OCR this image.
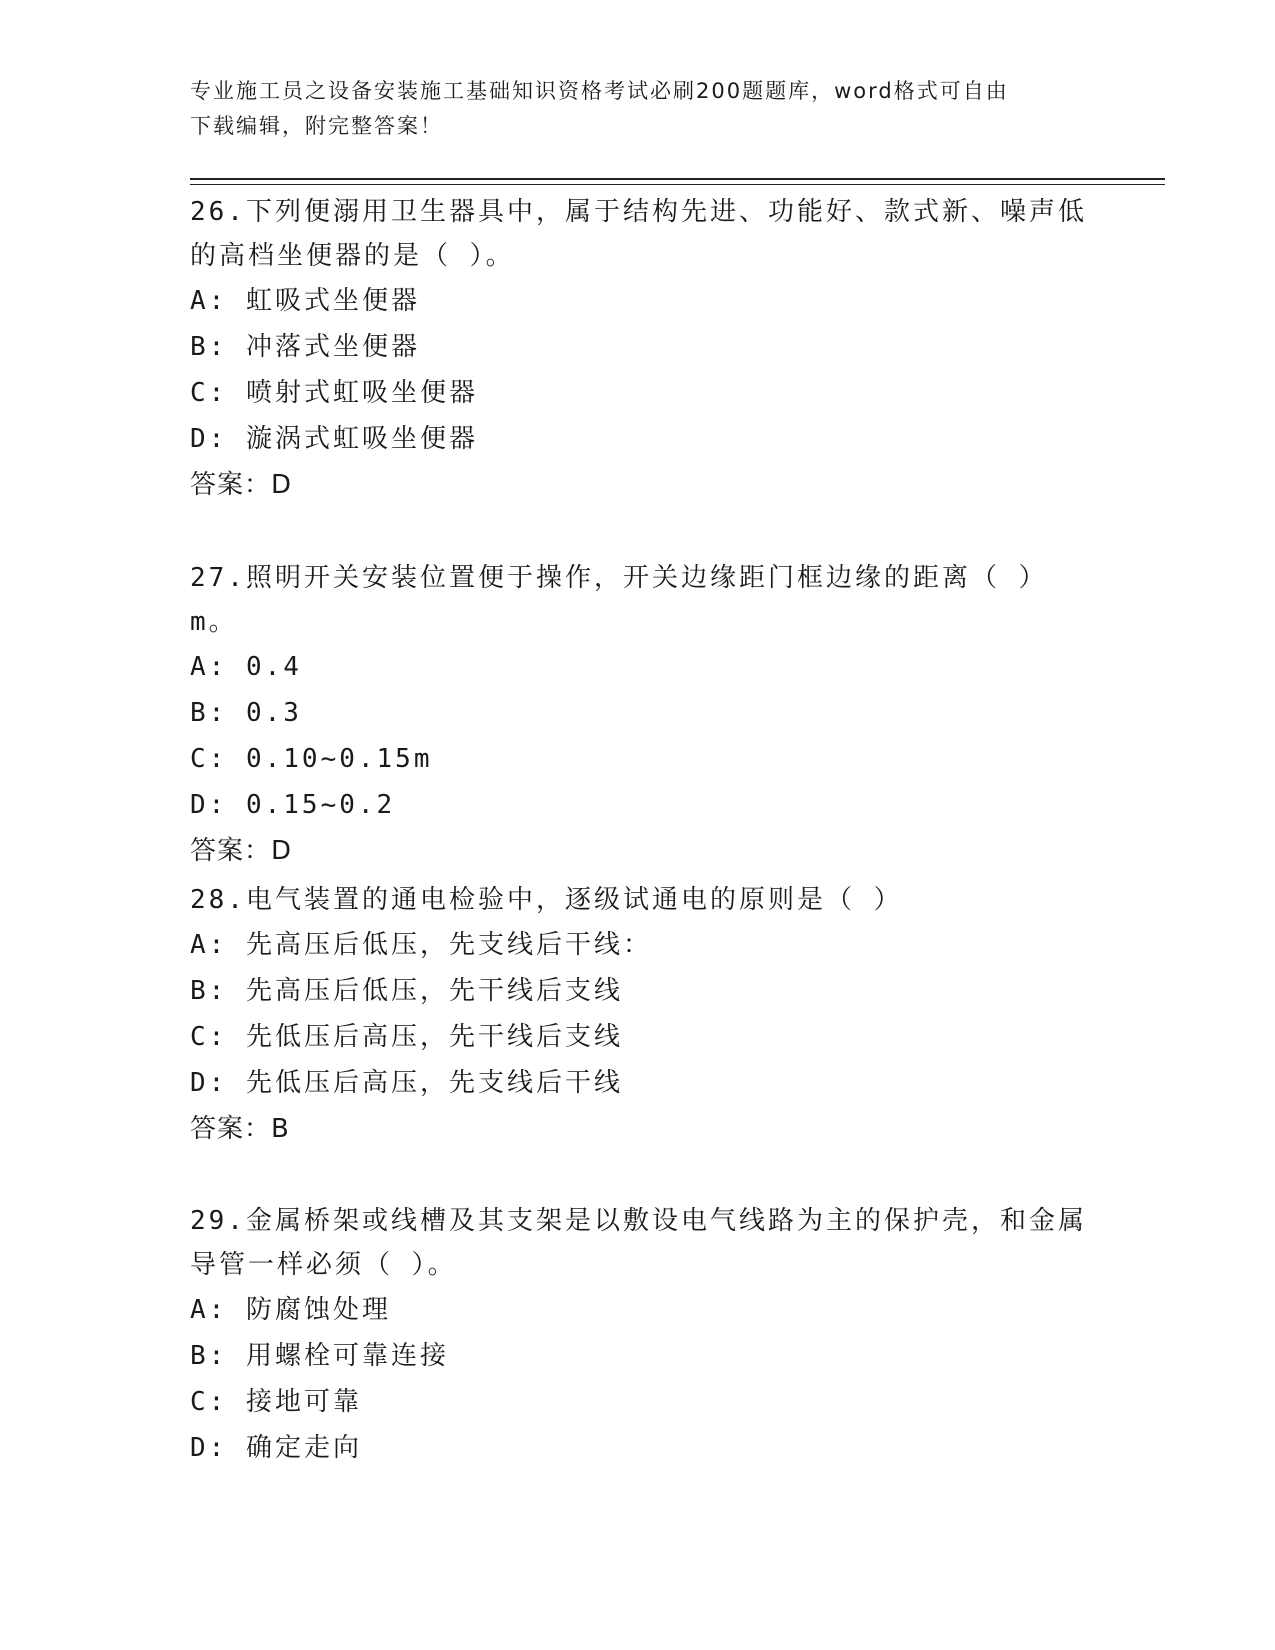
专业施工员之设备安装施工基础知识资格考试必刷200题题库，word格式可自由
下载编辑，附完整答案！
26.下列便溺用卫生器具中，属于结构先进、功能好、款式新、噪声低
的高档坐便器的是（ ）。
A: 虹吸式坐便器
B: 冲落式坐便器
C: 喷射式虹吸坐便器
D: 漩涡式虹吸坐便器
答案：D
27.照明开关安装位置便于操作，开关边缘距门框边缘的距离（ ）m。
A: 0.4
B: 0.3
C: 0.10~0.15m
D: 0.15~0.2
答案：D
28.电气装置的通电检验中，逐级试通电的原则是（ ）
A: 先高压后低压，先支线后干线：
B: 先高压后低压，先干线后支线
C: 先低压后高压，先干线后支线
D: 先低压后高压，先支线后干线
答案：B
29.金属桥架或线槽及其支架是以敷设电气线路为主的保护壳，和金属
导管一样必须（ ）。
A: 防腐蚀处理
B: 用螺栓可靠连接
C: 接地可靠
D: 确定走向
